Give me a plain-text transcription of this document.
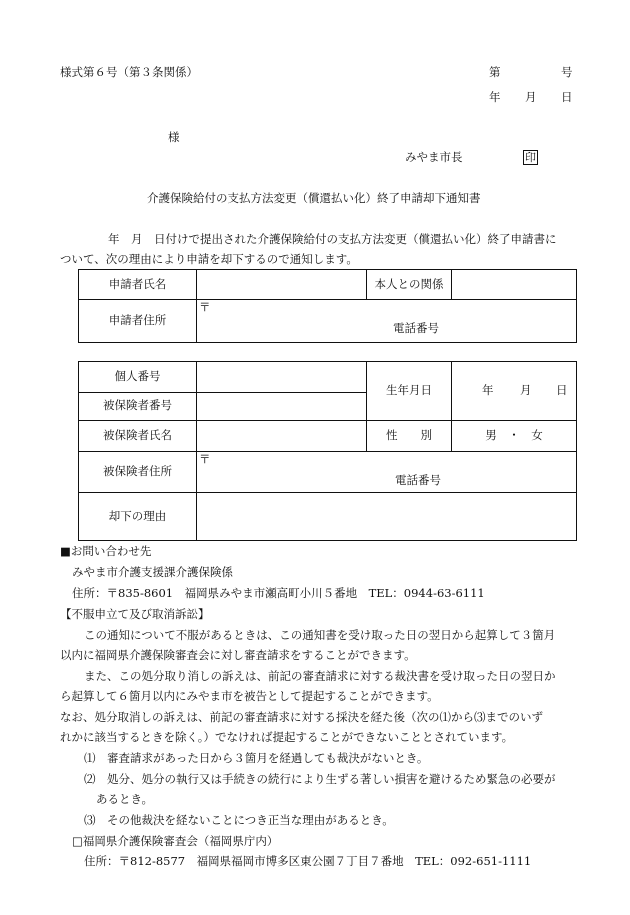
様式第６号（第３条関係）	第	号
年 月 日
様
みやま市長	印
介護保険給付の支払方法変更（償還払い化）終了申請却下通知書
年　月　日付けで提出された介護保険給付の支払方法変更（償還払い化）終了申請書に
ついて、次の理由により申請を却下するので通知します。
申請者氏名		本人との関係	
申請者住所	〒
電話番号		
個人番号		生年月日	年 月 日

被保険者番号			
被保険者氏名		性　　別	男　・　女
被保険者住所	〒
電話番号		

却下の理由			
■お問い合わせ先
みやま市介護支援課介護保険係
住所：〒835-8601　福岡県みやま市瀬高町小川５番地　TEL：0944-63-6111
【不服申立て及び取消訴訟】
この通知について不服があるときは、この通知書を受け取った日の翌日から起算して３箇月
以内に福岡県介護保険審査会に対し審査請求をすることができます。
また、この処分取り消しの訴えは、前記の審査請求に対する裁決書を受け取った日の翌日か
ら起算して６箇月以内にみやま市を被告として提起することができます。
なお、処分取消しの訴えは、前記の審査請求に対する採決を経た後（次の⑴から⑶までのいず
れかに該当するときを除く。）でなければ提起することができないこととされています。
⑴　審査請求があった日から３箇月を経過しても裁決がないとき。
⑵　処分、処分の執行又は手続きの続行により生ずる著しい損害を避けるため緊急の必要が
あるとき。
⑶　その他裁決を経ないことにつき正当な理由があるとき。
□福岡県介護保険審査会（福岡県庁内）
住所：〒812-8577　福岡県福岡市博多区東公園７丁目７番地　TEL：092-651-1111
